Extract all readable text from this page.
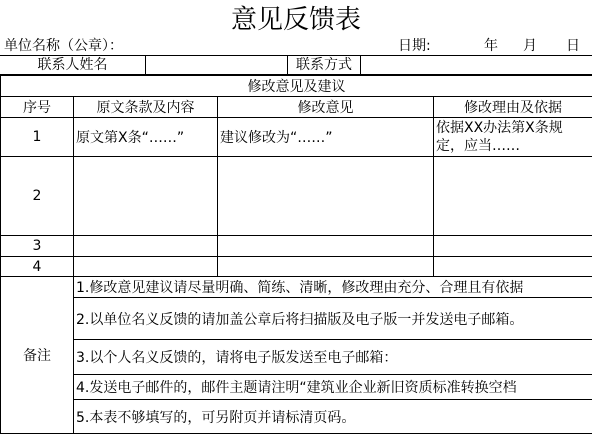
意见反馈表
单位名称（公章）：	日期:	年 月 日
联系人姓名	联系方式
修改意见及建议			
序号	原文条款及内容	修改意见	修改理由及依据
1	原文第X条“……”	建议修改为“……”	依据XX办法第X条规定，应当……
2			
3			
4			
备注	1.修改意见建议请尽量明确、简练、清晰，修改理由充分、合理且有依据		
	2.以单位名义反馈的请加盖公章后将扫描版及电子版一并发送电子邮箱。		
	3.以个人名义反馈的，请将电子版发送至电子邮箱：		
	4.发送电子邮件的，邮件主题请注明“建筑业企业新旧资质标准转换空档		
	5.本表不够填写的，可另附页并请标清页码。		
